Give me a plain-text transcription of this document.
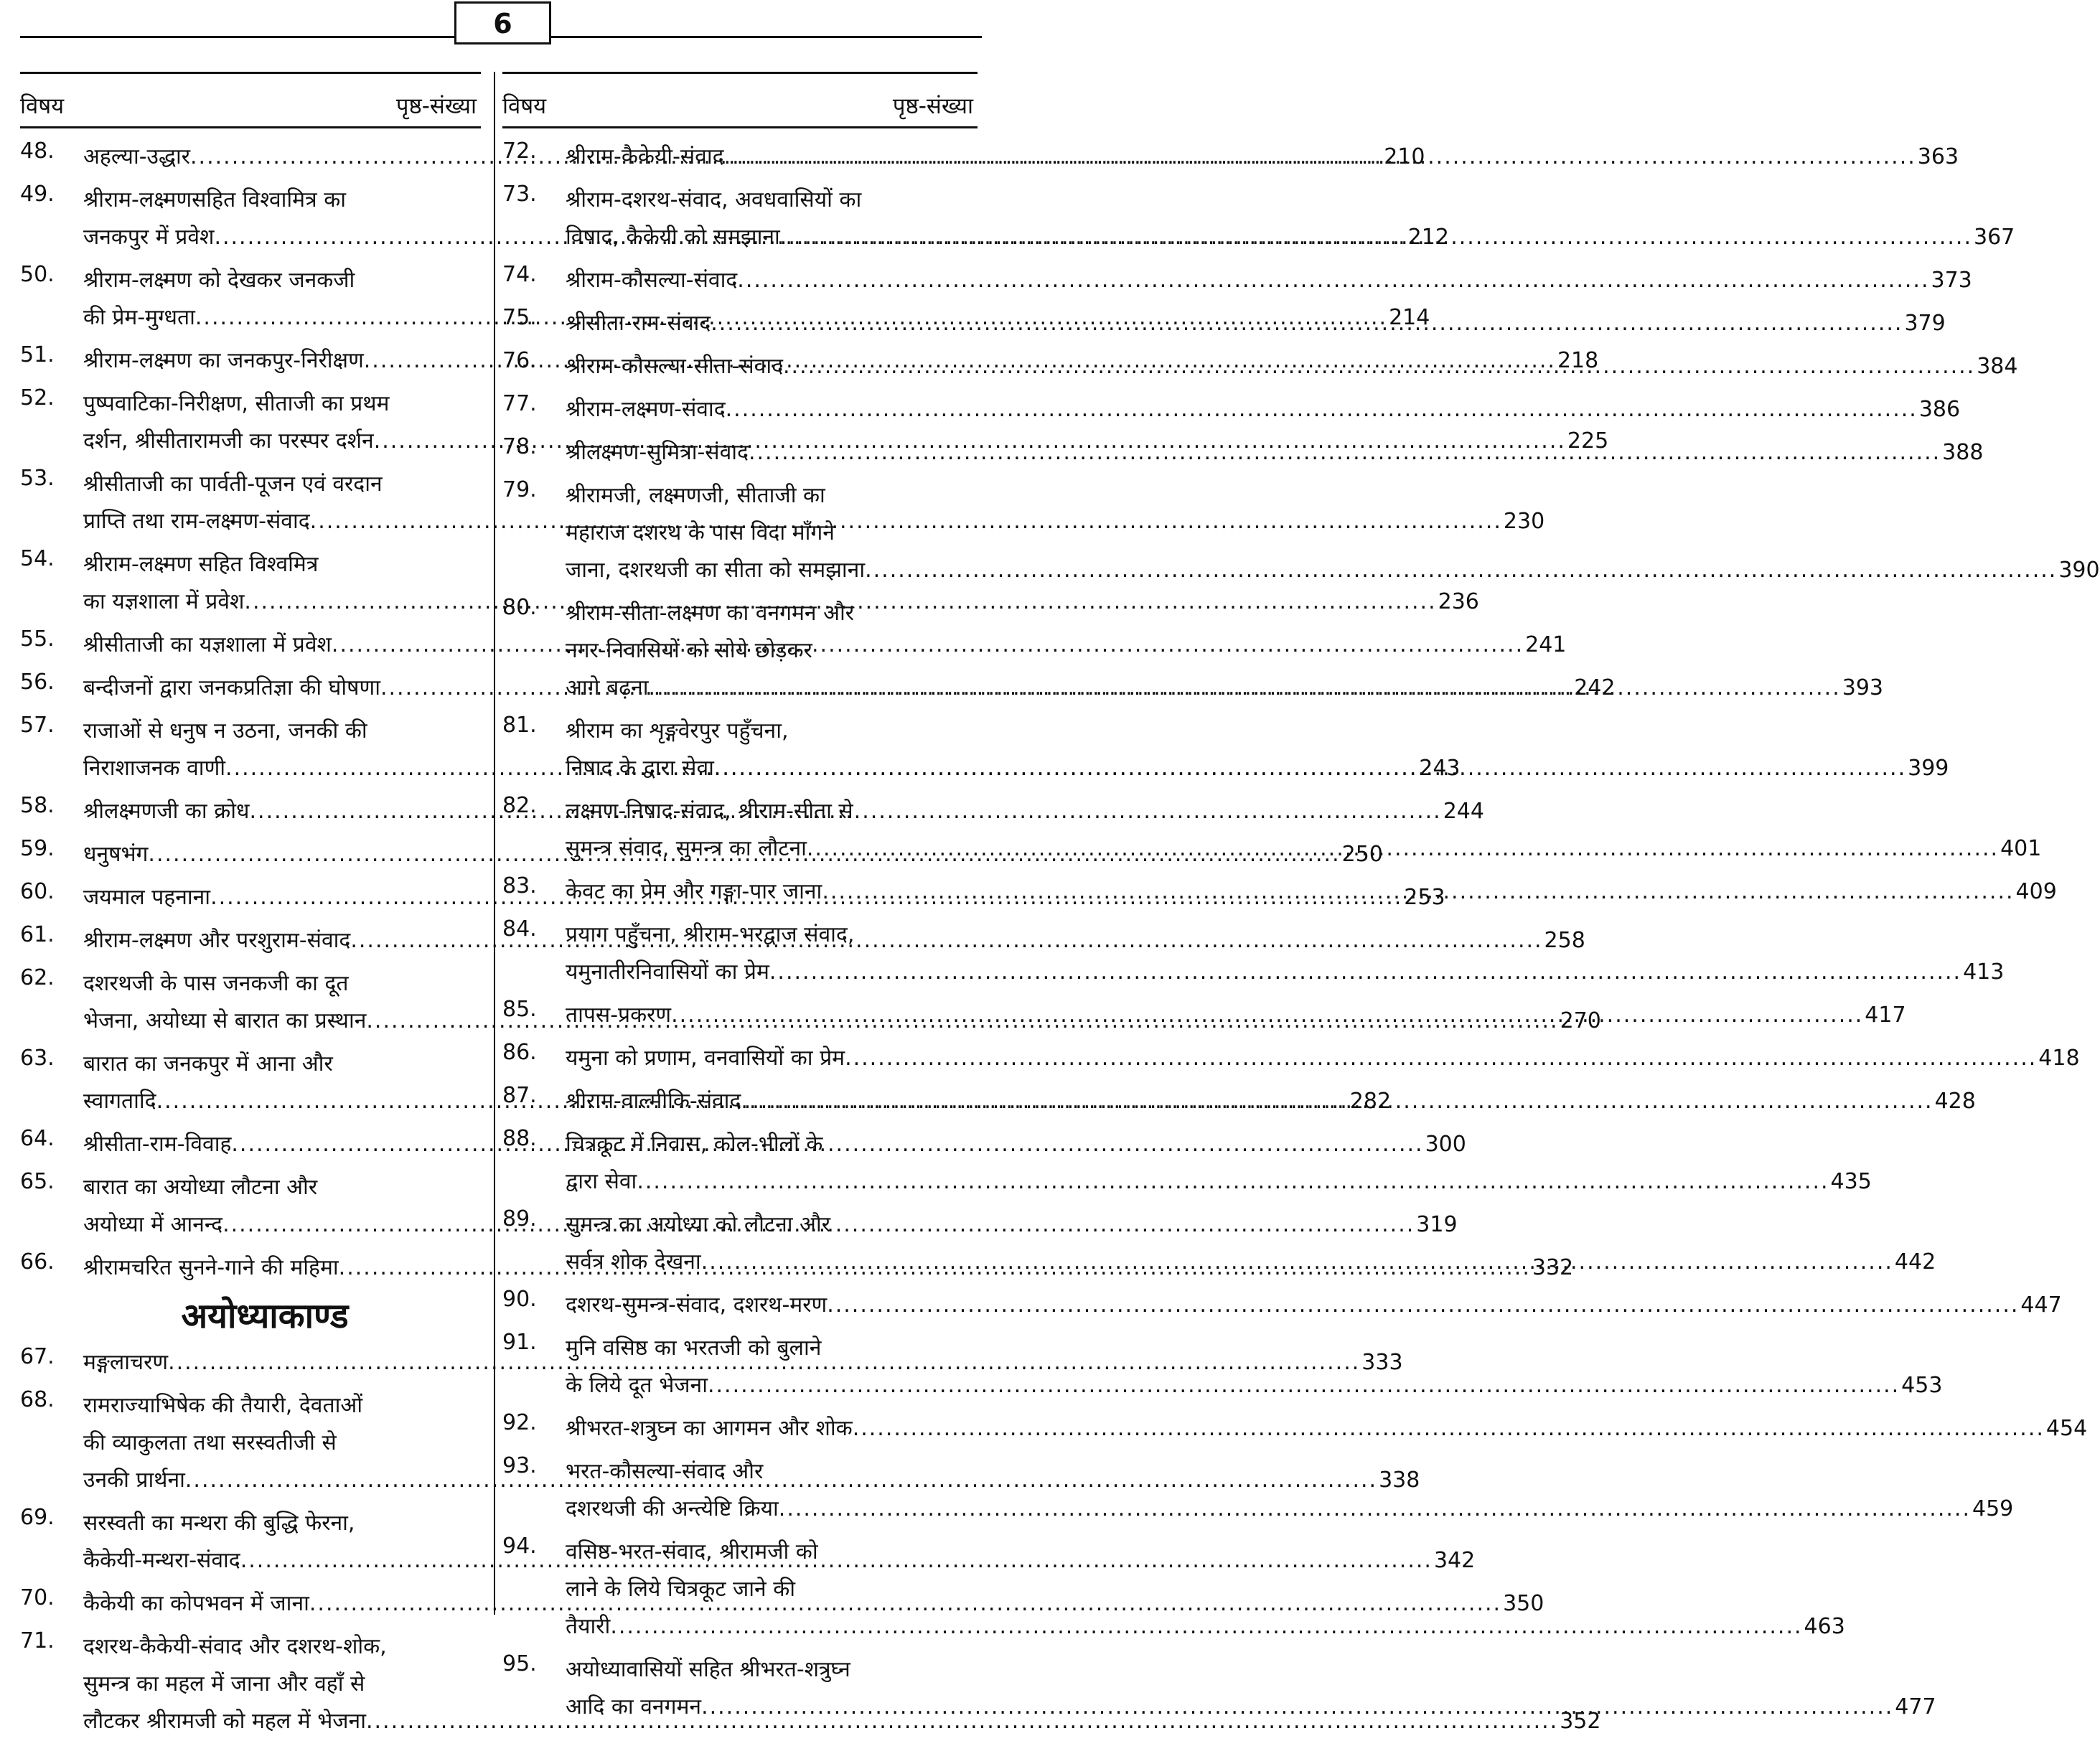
6
विषय	पृष्ठ-संख्या
48.	अहल्या-उद्धार .....	210
49.	श्रीराम-लक्ष्मणसहित विश्वामित्र का
जनकपुर में प्रवेश .....	212
50.	श्रीराम-लक्ष्मण को देखकर जनकजी
की प्रेम-मुग्धता .....	214
51.	श्रीराम-लक्ष्मण का जनकपुर-निरीक्षण .....	218
52.	पुष्पवाटिका-निरीक्षण, सीताजी का प्रथम
दर्शन, श्रीसीतारामजी का परस्पर दर्शन .....	225
53.	श्रीसीताजी का पार्वती-पूजन एवं वरदान
प्राप्ति तथा राम-लक्ष्मण-संवाद .....	230
54.	श्रीराम-लक्ष्मण सहित विश्वमित्र
का यज्ञशाला में प्रवेश .....	236
55.	श्रीसीताजी का यज्ञशाला में प्रवेश .....	241
56.	बन्दीजनों द्वारा जनकप्रतिज्ञा की घोषणा .....	242
57.	राजाओं से धनुष न उठना, जनकी की
निराशाजनक वाणी .....	243
58.	श्रीलक्ष्मणजी का क्रोध .....	244
59.	धनुषभंग .....	250
60.	जयमाल पहनाना .....	253
61.	श्रीराम-लक्ष्मण और परशुराम-संवाद .....	258
62.	दशरथजी के पास जनकजी का दूत
भेजना, अयोध्या से बारात का प्रस्थान .....	270
63.	बारात का जनकपुर में आना और
स्वागतादि .....	282
64.	श्रीसीता-राम-विवाह .....	300
65.	बारात का अयोध्या लौटना और
अयोध्या में आनन्द .....	319
66.	श्रीरामचरित सुनने-गाने की महिमा .....	332
अयोध्याकाण्ड
67.	मङ्गलाचरण .....	333
68.	रामराज्याभिषेक की तैयारी, देवताओं
की व्याकुलता तथा सरस्वतीजी से
उनकी प्रार्थना .....	338
69.	सरस्वती का मन्थरा की बुद्धि फेरना,
कैकेयी-मन्थरा-संवाद .....	342
70.	कैकेयी का कोपभवन में जाना .....	350
71.	दशरथ-कैकेयी-संवाद और दशरथ-शोक,
सुमन्त्र का महल में जाना और वहाँ से
लौटकर श्रीरामजी को महल में भेजना .....	352
विषय	पृष्ठ-संख्या
72.	श्रीराम-कैकेयी-संवाद .....	363
73.	श्रीराम-दशरथ-संवाद, अवधवासियों का
विषाद, कैकेयी को समझाना .....	367
74.	श्रीराम-कौसल्या-संवाद .....	373
75.	श्रीसीता-राम-संवाद .....	379
76.	श्रीराम-कौसल्या-सीता-संवाद .....	384
77.	श्रीराम-लक्ष्मण-संवाद .....	386
78.	श्रीलक्ष्मण-सुमित्रा-संवाद .....	388
79.	श्रीरामजी, लक्ष्मणजी, सीताजी का
महाराज दशरथ के पास विदा माँगने
जाना, दशरथजी का सीता को समझाना .....	390
80.	श्रीराम-सीता-लक्ष्मण का वनगमन और
नगर-निवासियों को सोये छोड़कर
आगे बढ़ना .....	393
81.	श्रीराम का शृङ्गवेरपुर पहुँचना,
निषाद के द्वारा सेवा .....	399
82.	लक्ष्मण-निषाद-संवाद, श्रीराम-सीता से
सुमन्त्र संवाद, सुमन्त्र का लौटना .....	401
83.	केवट का प्रेम और गङ्गा-पार जाना .....	409
84.	प्रयाग पहुँचना, श्रीराम-भरद्वाज संवाद,
यमुनातीरनिवासियों का प्रेम .....	413
85.	तापस-प्रकरण .....	417
86.	यमुना को प्रणाम, वनवासियों का प्रेम .....	418
87.	श्रीराम-वाल्मीकि-संवाद .....	428
88.	चित्रकूट में निवास, कोल-भीलों के
द्वारा सेवा .....	435
89.	सुमन्त्र का अयोध्या को लौटना और
सर्वत्र शोक देखना .....	442
90.	दशरथ-सुमन्त्र-संवाद, दशरथ-मरण .....	447
91.	मुनि वसिष्ठ का भरतजी को बुलाने
के लिये दूत भेजना .....	453
92.	श्रीभरत-शत्रुघ्न का आगमन और शोक .....	454
93.	भरत-कौसल्या-संवाद और
दशरथजी की अन्त्येष्टि क्रिया .....	459
94.	वसिष्ठ-भरत-संवाद, श्रीरामजी को
लाने के लिये चित्रकूट जाने की
तैयारी .....	463
95.	अयोध्यावासियों सहित श्रीभरत-शत्रुघ्न
आदि का वनगमन .....	477
